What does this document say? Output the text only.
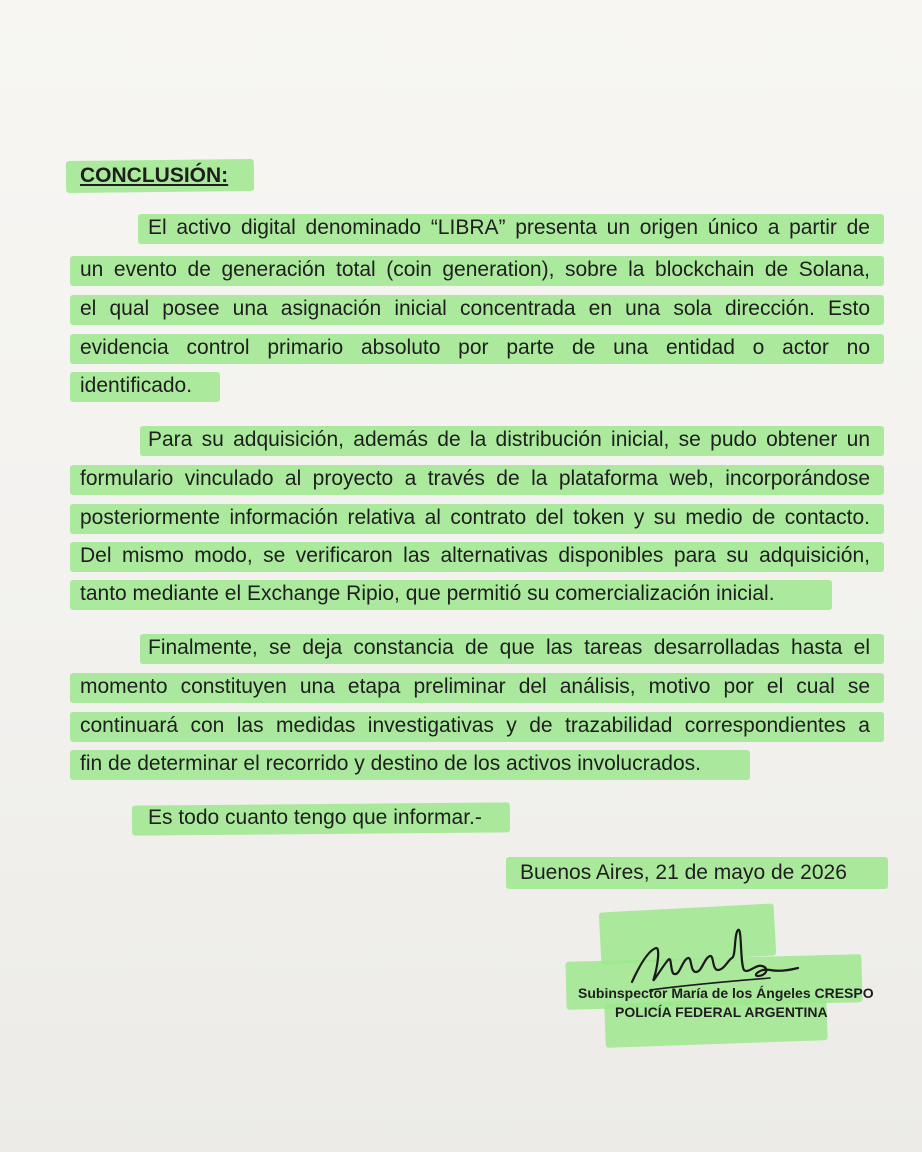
CONCLUSIÓN:
El activo digital denominado “LIBRA” presenta un origen único a partir de
un evento de generación total (coin generation), sobre la blockchain de Solana,
el qual posee una asignación inicial concentrada en una sola dirección. Esto
evidencia control primario absoluto por parte de una entidad o actor no
identificado.
Para su adquisición, además de la distribución inicial, se pudo obtener un
formulario vinculado al proyecto a través de la plataforma web, incorporándose
posteriormente información relativa al contrato del token y su medio de contacto.
Del mismo modo, se verificaron las alternativas disponibles para su adquisición,
tanto mediante el Exchange Ripio, que permitió su comercialización inicial.
Finalmente, se deja constancia de que las tareas desarrolladas hasta el
momento constituyen una etapa preliminar del análisis, motivo por el cual se
continuará con las medidas investigativas y de trazabilidad correspondientes a
fin de determinar el recorrido y destino de los activos involucrados.
Es todo cuanto tengo que informar.-
Buenos Aires, 21 de mayo de 2026
Subinspector María de los Ángeles CRESPO
POLICÍA FEDERAL ARGENTINA
